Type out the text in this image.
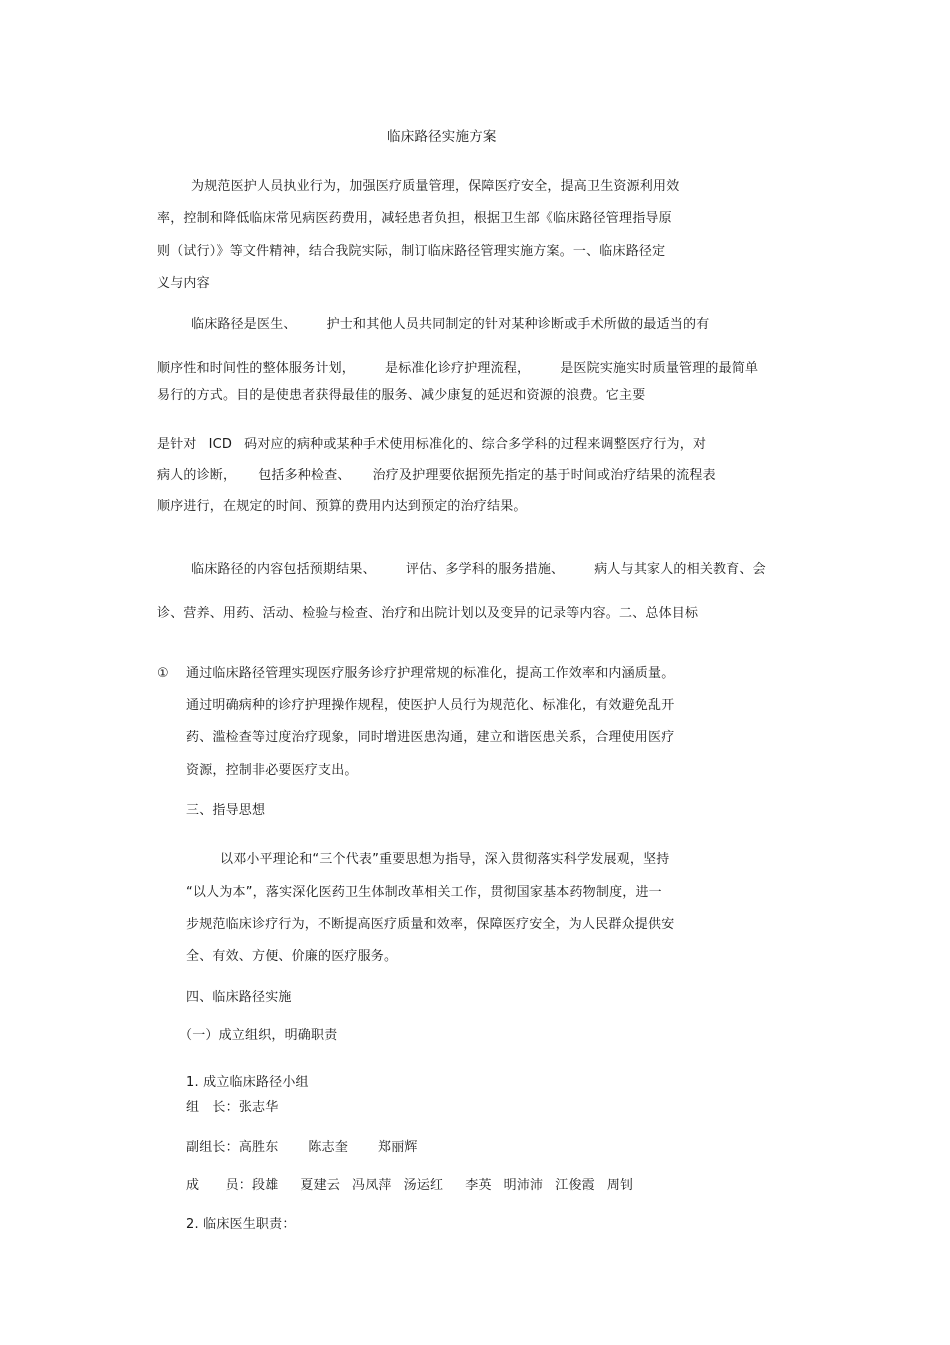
临床路径实施方案
为规范医护人员执业行为，加强医疗质量管理，保障医疗安全，提高卫生资源利用效
率，控制和降低临床常见病医药费用，减轻患者负担，根据卫生部《临床路径管理指导原
则（试行）》等文件精神，结合我院实际，制订临床路径管理实施方案。一、临床路径定
义与内容
临床路径是医生、 护士和其他人员共同制定的针对某种诊断或手术所做的最适当的有
顺序性和时间性的整体服务计划， 是标准化诊疗护理流程， 是医院实施实时质量管理的最简单
易行的方式。目的是使患者获得最佳的服务、减少康复的延迟和资源的浪费。它主要
是针对 ICD 码对应的病种或某种手术使用标准化的、综合多学科的过程来调整医疗行为，对
病人的诊断， 包括多种检查、 治疗及护理要依据预先指定的基于时间或治疗结果的流程表
顺序进行，在规定的时间、预算的费用内达到预定的治疗结果。
临床路径的内容包括预期结果、 评估、多学科的服务措施、 病人与其家人的相关教育、会
诊、营养、用药、活动、检验与检查、治疗和出院计划以及变异的记录等内容。二、总体目标
① 通过临床路径管理实现医疗服务诊疗护理常规的标准化，提高工作效率和内涵质量。
通过明确病种的诊疗护理操作规程，使医护人员行为规范化、标准化，有效避免乱开
药、滥检查等过度治疗现象，同时增进医患沟通，建立和谐医患关系，合理使用医疗
资源，控制非必要医疗支出。
三、指导思想
以邓小平理论和“三个代表”重要思想为指导，深入贯彻落实科学发展观，坚持
“以人为本”，落实深化医药卫生体制改革相关工作，贯彻国家基本药物制度，进一
步规范临床诊疗行为，不断提高医疗质量和效率，保障医疗安全，为人民群众提供安
全、有效、方便、价廉的医疗服务。
四、临床路径实施
（一）成立组织，明确职责
1. 成立临床路径小组
组　长：张志华
副组长：高胜东 陈志奎 郑丽辉
成　　员：段雄 夏建云 冯凤萍 汤运红 李英 明沛沛 江俊霞 周钊
2. 临床医生职责：
